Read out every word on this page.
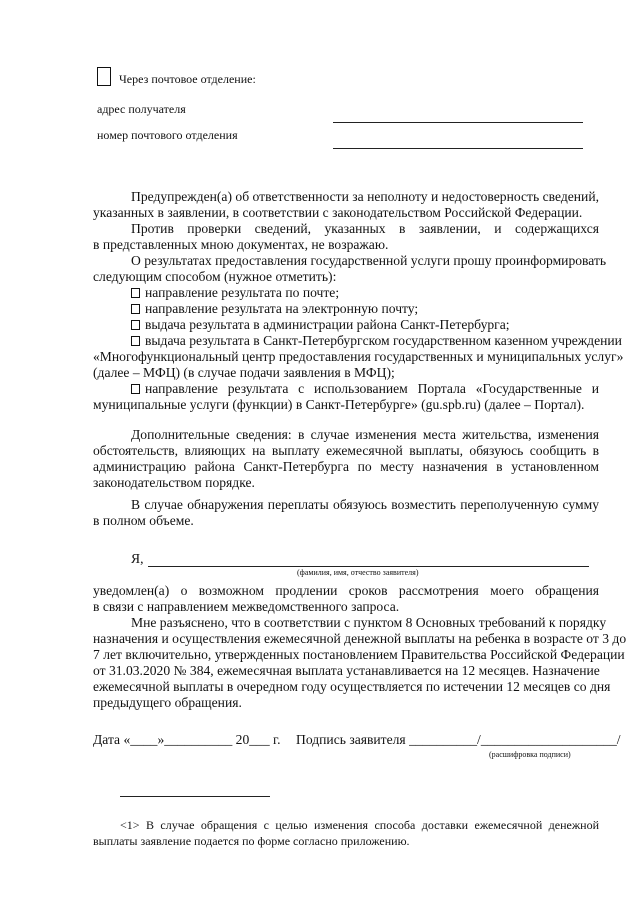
Через почтовое отделение:
адрес получателя
номер почтового отделения
Предупрежден(а) об ответственности за неполноту и недостоверность сведений,
указанных в заявлении, в соответствии с законодательством Российской Федерации.
Против проверки сведений, указанных в заявлении, и содержащихся
в представленных мною документах, не возражаю.
О результатах предоставления государственной услуги прошу проинформировать
следующим способом (нужное отметить):
направление результата по почте;
направление результата на электронную почту;
выдача результата в администрации района Санкт-Петербурга;
выдача результата в Санкт-Петербургском государственном казенном учреждении
«Многофункциональный центр предоставления государственных и муниципальных услуг»
(далее – МФЦ) (в случае подачи заявления в МФЦ);
направление результата с использованием Портала «Государственные и
муниципальные услуги (функции) в Санкт-Петербурге» (gu.spb.ru) (далее – Портал).
Дополнительные сведения: в случае изменения места жительства, изменения
обстоятельств, влияющих на выплату ежемесячной выплаты, обязуюсь сообщить в
администрацию района Санкт-Петербурга по месту назначения в установленном
законодательством порядке.
В случае обнаружения переплаты обязуюсь возместить переполученную сумму
в полном объеме.
Я,
(фамилия, имя, отчество заявителя)
уведомлен(а) о возможном продлении сроков рассмотрения моего обращения
в связи с направлением межведомственного запроса.
Мне разъяснено, что в соответствии с пунктом 8 Основных требований к порядку
назначения и осуществления ежемесячной денежной выплаты на ребенка в возрасте от 3 до
7 лет включительно, утвержденных постановлением Правительства Российской Федерации
от 31.03.2020 № 384, ежемесячная выплата устанавливается на 12 месяцев. Назначение
ежемесячной выплаты в очередном году осуществляется по истечении 12 месяцев со дня
предыдущего обращения.
Дата «____»__________ 20___ г. Подпись заявителя __________/____________________/
(расшифровка подписи)
<1> В случае обращения с целью изменения способа доставки ежемесячной денежной
выплаты заявление подается по форме согласно приложению.
